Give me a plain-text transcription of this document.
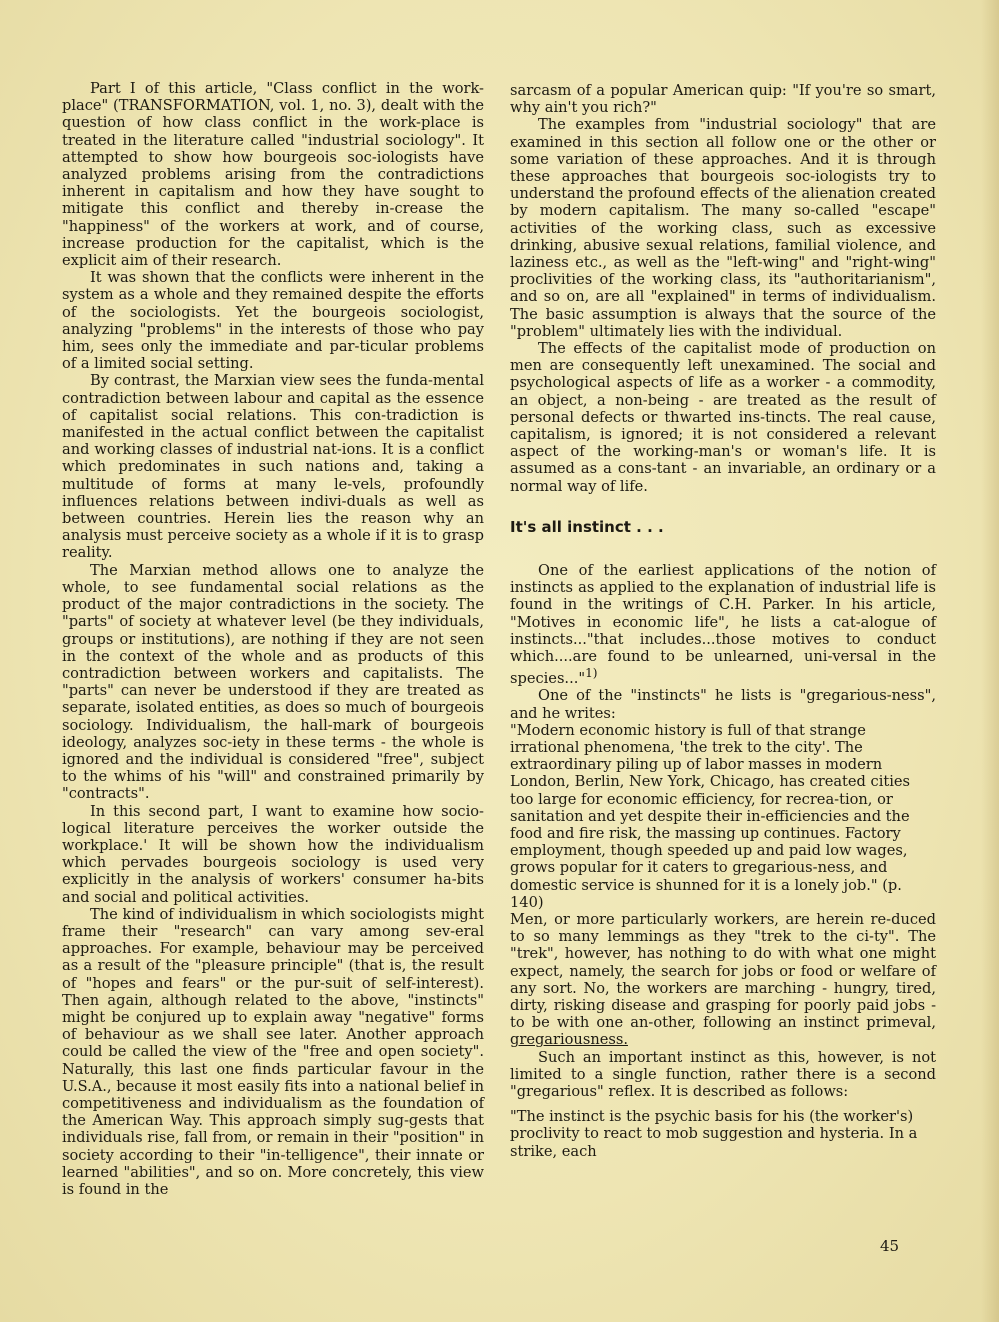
Part I of this article, "Class conflict in the work-place" (TRANSFORMATION, vol. 1, no. 3), dealt with the question of how class conflict in the work-place is treated in the literature called "industrial sociology". It attempted to show how bourgeois soc-iologists have analyzed problems arising from the contradictions inherent in capitalism and how they have sought to mitigate this conflict and thereby in-crease the "happiness" of the workers at work, and of course, increase production for the capitalist, which is the explicit aim of their research.

It was shown that the conflicts were inherent in the system as a whole and they remained despite the efforts of the sociologists. Yet the bourgeois sociologist, analyzing "problems" in the interests of those who pay him, sees only the immediate and par-ticular problems of a limited social setting.

By contrast, the Marxian view sees the funda-mental contradiction between labour and capital as the essence of capitalist social relations. This con-tradiction is manifested in the actual conflict between the capitalist and working classes of industrial nat-ions. It is a conflict which predominates in such nations and, taking a multitude of forms at many le-vels, profoundly influences relations between indivi-duals as well as between countries. Herein lies the reason why an analysis must perceive society as a whole if it is to grasp reality.

The Marxian method allows one to analyze the whole, to see fundamental social relations as the product of the major contradictions in the society. The "parts" of society at whatever level (be they individuals, groups or institutions), are nothing if they are not seen in the context of the whole and as products of this contradiction between workers and capitalists. The "parts" can never be understood if they are treated as separate, isolated entities, as does so much of bourgeois sociology. Individualism, the hall-mark of bourgeois ideology, analyzes soc-iety in these terms - the whole is ignored and the individual is considered "free", subject to the whims of his "will" and constrained primarily by "contracts".

In this second part, I want to examine how socio-logical literature perceives the worker outside the workplace.' It will be shown how the individualism which pervades bourgeois sociology is used very explicitly in the analysis of workers' consumer ha-bits and social and political activities.

The kind of individualism in which sociologists might frame their "research" can vary among sev-eral approaches. For example, behaviour may be perceived as a result of the "pleasure principle" (that is, the result of "hopes and fears" or the pur-suit of self-interest). Then again, although related to the above, "instincts" might be conjured up to explain away "negative" forms of behaviour as we shall see later. Another approach could be called the view of the "free and open society". Naturally, this last one finds particular favour in the U.S.A., because it most easily fits into a national belief in competitiveness and individualism as the foundation of the American Way. This approach simply sug-gests that individuals rise, fall from, or remain in their "position" in society according to their "in-telligence", their innate or learned "abilities", and so on. More concretely, this view is found in the

sarcasm of a popular American quip: "If you're so smart, why ain't you rich?"

The examples from "industrial sociology" that are examined in this section all follow one or the other or some variation of these approaches. And it is through these approaches that bourgeois soc-iologists try to understand the profound effects of the alienation created by modern capitalism. The many so-called "escape" activities of the working class, such as excessive drinking, abusive sexual relations, familial violence, and laziness etc., as well as the "left-wing" and "right-wing" proclivities of the working class, its "authoritarianism", and so on, are all "explained" in terms of individualism. The basic assumption is always that the source of the "problem" ultimately lies with the individual.

The effects of the capitalist mode of production on men are consequently left unexamined. The social and psychological aspects of life as a worker - a commodity, an object, a non-being - are treated as the result of personal defects or thwarted ins-tincts. The real cause, capitalism, is ignored; it is not considered a relevant aspect of the working-man's or woman's life. It is assumed as a cons-tant - an invariable, an ordinary or a normal way of life.

It's all instinct . . .

One of the earliest applications of the notion of instincts as applied to the explanation of industrial life is found in the writings of C.H. Parker. In his article, "Motives in economic life", he lists a cat-alogue of instincts..."that includes...those motives to conduct which....are found to be unlearned, uni-versal in the species..."$^{1)}$

One of the "instincts" he lists is "gregarious-ness", and he writes:

"Modern economic history is full of that strange irrational phenomena, 'the trek to the city'. The extraordinary piling up of labor masses in modern London, Berlin, New York, Chicago, has created cities too large for economic efficiency, for recrea-tion, or sanitation and yet despite their in-efficiencies and the food and fire risk, the massing up continues. Factory employment, though speeded up and paid low wages, grows popular for it caters to gregarious-ness, and domestic service is shunned for it is a lonely job." (p. 140)

Men, or more particularly workers, are herein re-duced to so many lemmings as they "trek to the ci-ty". The "trek", however, has nothing to do with what one might expect, namely, the search for jobs or food or welfare of any sort. No, the workers are marching - hungry, tired, dirty, risking disease and grasping for poorly paid jobs - to be with one an-other, following an instinct primeval, gregariousness.

Such an important instinct as this, however, is not limited to a single function, rather there is a second "gregarious" reflex. It is described as follows:

"The instinct is the psychic basis for his (the worker's) proclivity to react to mob suggestion and hysteria. In a strike, each

45
